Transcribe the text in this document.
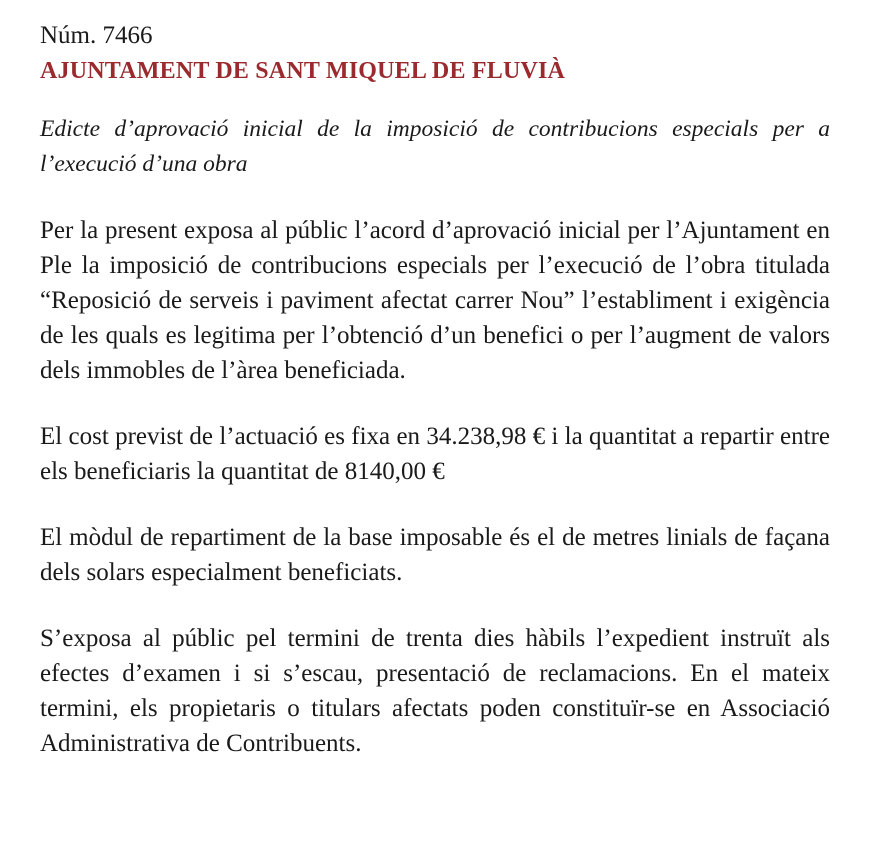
Núm. 7466

AJUNTAMENT DE SANT MIQUEL DE FLUVIÀ

Edicte d’aprovació inicial de la imposició de contribucions especials per a l’execució d’una obra

Per la present exposa al públic l’acord d’aprovació inicial per l’Ajuntament en Ple la imposició de contribucions especials per l’execució de l’obra titulada “Reposició de serveis i paviment afectat carrer Nou” l’establiment i exigència de les quals es legitima per l’obtenció d’un benefici o per l’augment de valors dels immobles de l’àrea beneficiada.

El cost previst de l’actuació es fixa en 34.238,98 € i la quantitat a repartir entre els beneficiaris la quantitat de 8140,00 €

El mòdul de repartiment de la base imposable és el de metres linials de façana dels solars especialment beneficiats.

S’exposa al públic pel termini de trenta dies hàbils l’expedient instruït als efectes d’examen i si s’escau, presentació de reclamacions. En el mateix termini, els propietaris o titulars afectats poden constituïr-se en Associació Administrativa de Contribuents.
